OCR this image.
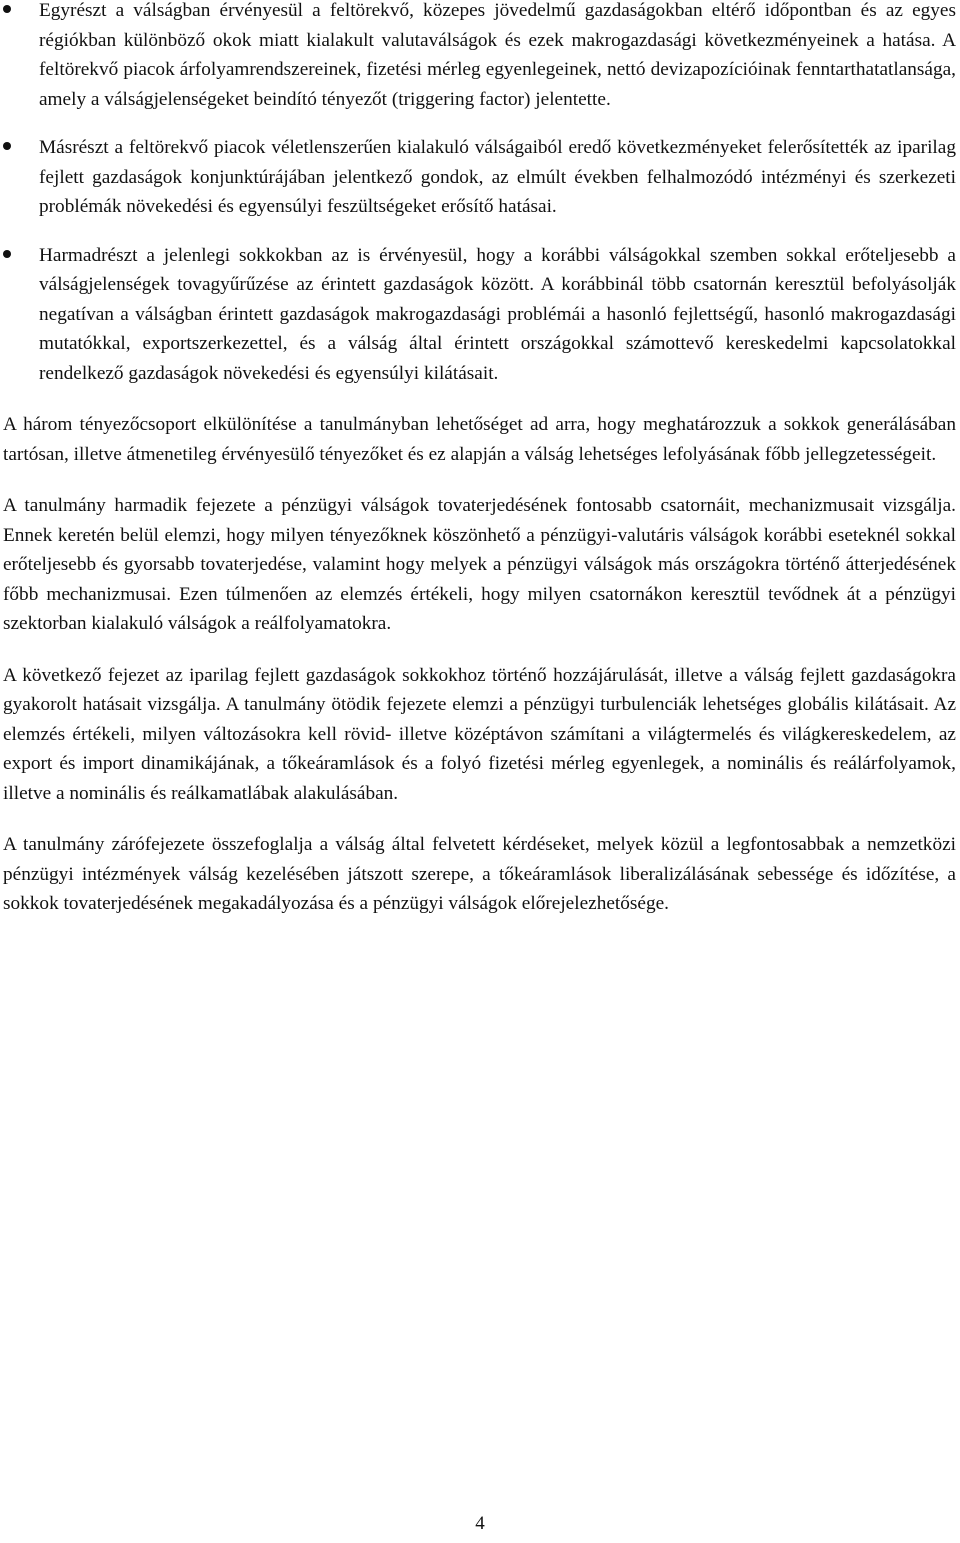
Egyrészt a válságban érvényesül a feltörekvő, közepes jövedelmű gazdaságokban eltérő időpontban és az egyes régiókban különböző okok miatt kialakult valutaválságok és ezek makrogazdasági következményeinek a hatása. A feltörekvő piacok árfolyamrendszereinek, fizetési mérleg egyenlegeinek, nettó devizapozícióinak fenntarthatatlansága, amely a válságjelenségeket beindító tényezőt (triggering factor) jelentette.

Másrészt a feltörekvő piacok véletlenszerűen kialakuló válságaiból eredő következményeket felerősítették az iparilag fejlett gazdaságok konjunktúrájában jelentkező gondok, az elmúlt években felhalmozódó intézményi és szerkezeti problémák növekedési és egyensúlyi feszültségeket erősítő hatásai.

Harmadrészt a jelenlegi sokkokban az is érvényesül, hogy a korábbi válságokkal szemben sokkal erőteljesebb a válságjelenségek tovagyűrűzése az érintett gazdaságok között. A korábbinál több csatornán keresztül befolyásolják negatívan a válságban érintett gazdaságok makrogazdasági problémái a hasonló fejlettségű, hasonló makrogazdasági mutatókkal, exportszerkezettel, és a válság által érintett országokkal számottevő kereskedelmi kapcsolatokkal rendelkező gazdaságok növekedési és egyensúlyi kilátásait.

A három tényezőcsoport elkülönítése a tanulmányban lehetőséget ad arra, hogy meghatározzuk a sokkok generálásában tartósan, illetve átmenetileg érvényesülő tényezőket és ez alapján a válság lehetséges lefolyásának főbb jellegzetességeit.

A tanulmány harmadik fejezete a pénzügyi válságok tovaterjedésének fontosabb csatornáit, mechanizmusait vizsgálja. Ennek keretén belül elemzi, hogy milyen tényezőknek köszönhető a pénzügyi-valutáris válságok korábbi eseteknél sokkal erőteljesebb és gyorsabb tovaterjedése, valamint hogy melyek a pénzügyi válságok más országokra történő átterjedésének főbb mechanizmusai. Ezen túlmenően az elemzés értékeli, hogy milyen csatornákon keresztül tevődnek át a pénzügyi szektorban kialakuló válságok a reálfolyamatokra.

A következő fejezet az iparilag fejlett gazdaságok sokkokhoz történő hozzájárulását, illetve a válság fejlett gazdaságokra gyakorolt hatásait vizsgálja. A tanulmány ötödik fejezete elemzi a pénzügyi turbulenciák lehetséges globális kilátásait. Az elemzés értékeli, milyen változásokra kell rövid- illetve középtávon számítani a világtermelés és világkereskedelem, az export és import dinamikájának, a tőkeáramlások és a folyó fizetési mérleg egyenlegek, a nominális és reálárfolyamok, illetve a nominális és reálkamatlábak alakulásában.

A tanulmány zárófejezete összefoglalja a válság által felvetett kérdéseket, melyek közül a legfontosabbak a nemzetközi pénzügyi intézmények válság kezelésében játszott szerepe, a tőkeáramlások liberalizálásának sebessége és időzítése, a sokkok tovaterjedésének megakadályozása és a pénzügyi válságok előrejelezhetősége.

4
